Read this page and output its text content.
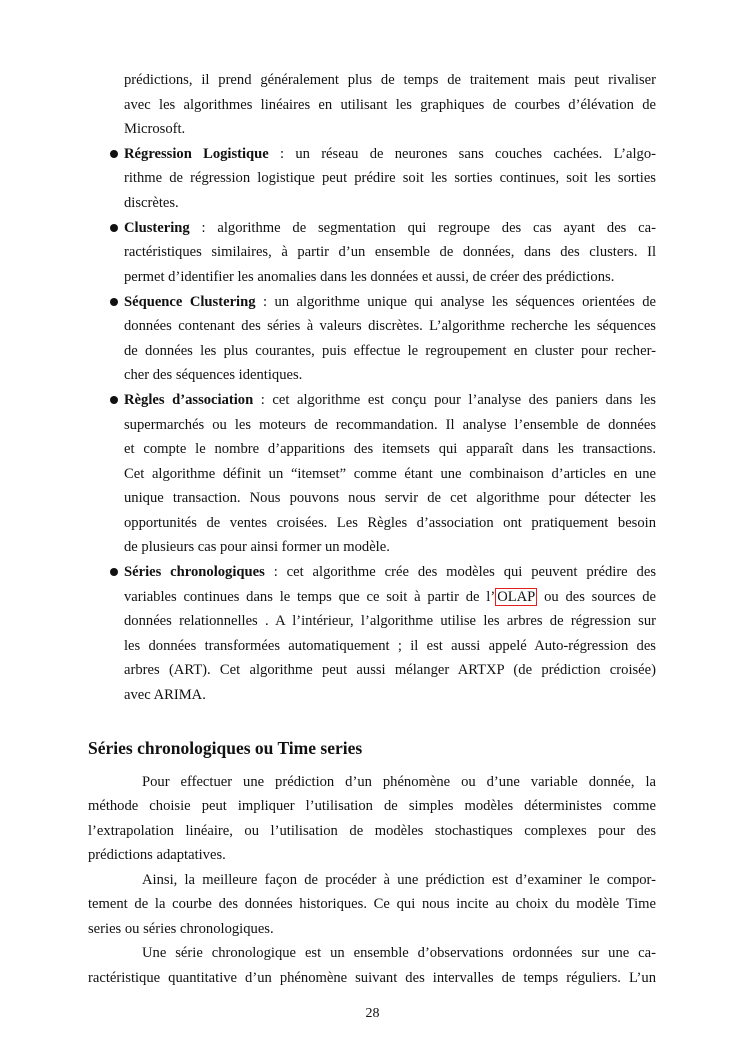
prédictions, il prend généralement plus de temps de traitement mais peut rivaliser
avec les algorithmes linéaires en utilisant les graphiques de courbes d’élévation de
Microsoft.
Régression Logistique : un réseau de neurones sans couches cachées. L’algo-
rithme de régression logistique peut prédire soit les sorties continues, soit les sorties
discrètes.
Clustering : algorithme de segmentation qui regroupe des cas ayant des ca-
ractéristiques similaires, à partir d’un ensemble de données, dans des clusters. Il
permet d’identifier les anomalies dans les données et aussi, de créer des prédictions.
Séquence Clustering : un algorithme unique qui analyse les séquences orientées de
données contenant des séries à valeurs discrètes. L’algorithme recherche les séquences
de données les plus courantes, puis effectue le regroupement en cluster pour recher-
cher des séquences identiques.
Règles d’association : cet algorithme est conçu pour l’analyse des paniers dans les
supermarchés ou les moteurs de recommandation. Il analyse l’ensemble de données
et compte le nombre d’apparitions des itemsets qui apparaît dans les transactions.
Cet algorithme définit un “itemset” comme étant une combinaison d’articles en une
unique transaction. Nous pouvons nous servir de cet algorithme pour détecter les
opportunités de ventes croisées. Les Règles d’association ont pratiquement besoin
de plusieurs cas pour ainsi former un modèle.
Séries chronologiques : cet algorithme crée des modèles qui peuvent prédire des
variables continues dans le temps que ce soit à partir de l’ OLAP ou des sources de
données relationnelles . A l’intérieur, l’algorithme utilise les arbres de régression sur
les données transformées automatiquement ; il est aussi appelé Auto-régression des
arbres (ART). Cet algorithme peut aussi mélanger ARTXP (de prédiction croisée)
avec ARIMA.
Séries chronologiques ou Time series
Pour effectuer une prédiction d’un phénomène ou d’une variable donnée, la
méthode choisie peut impliquer l’utilisation de simples modèles déterministes comme
l’extrapolation linéaire, ou l’utilisation de modèles stochastiques complexes pour des
prédictions adaptatives.
Ainsi, la meilleure façon de procéder à une prédiction est d’examiner le compor-
tement de la courbe des données historiques. Ce qui nous incite au choix du modèle Time
series ou séries chronologiques.
Une série chronologique est un ensemble d’observations ordonnées sur une ca-
ractéristique quantitative d’un phénomène suivant des intervalles de temps réguliers. L’un
28
